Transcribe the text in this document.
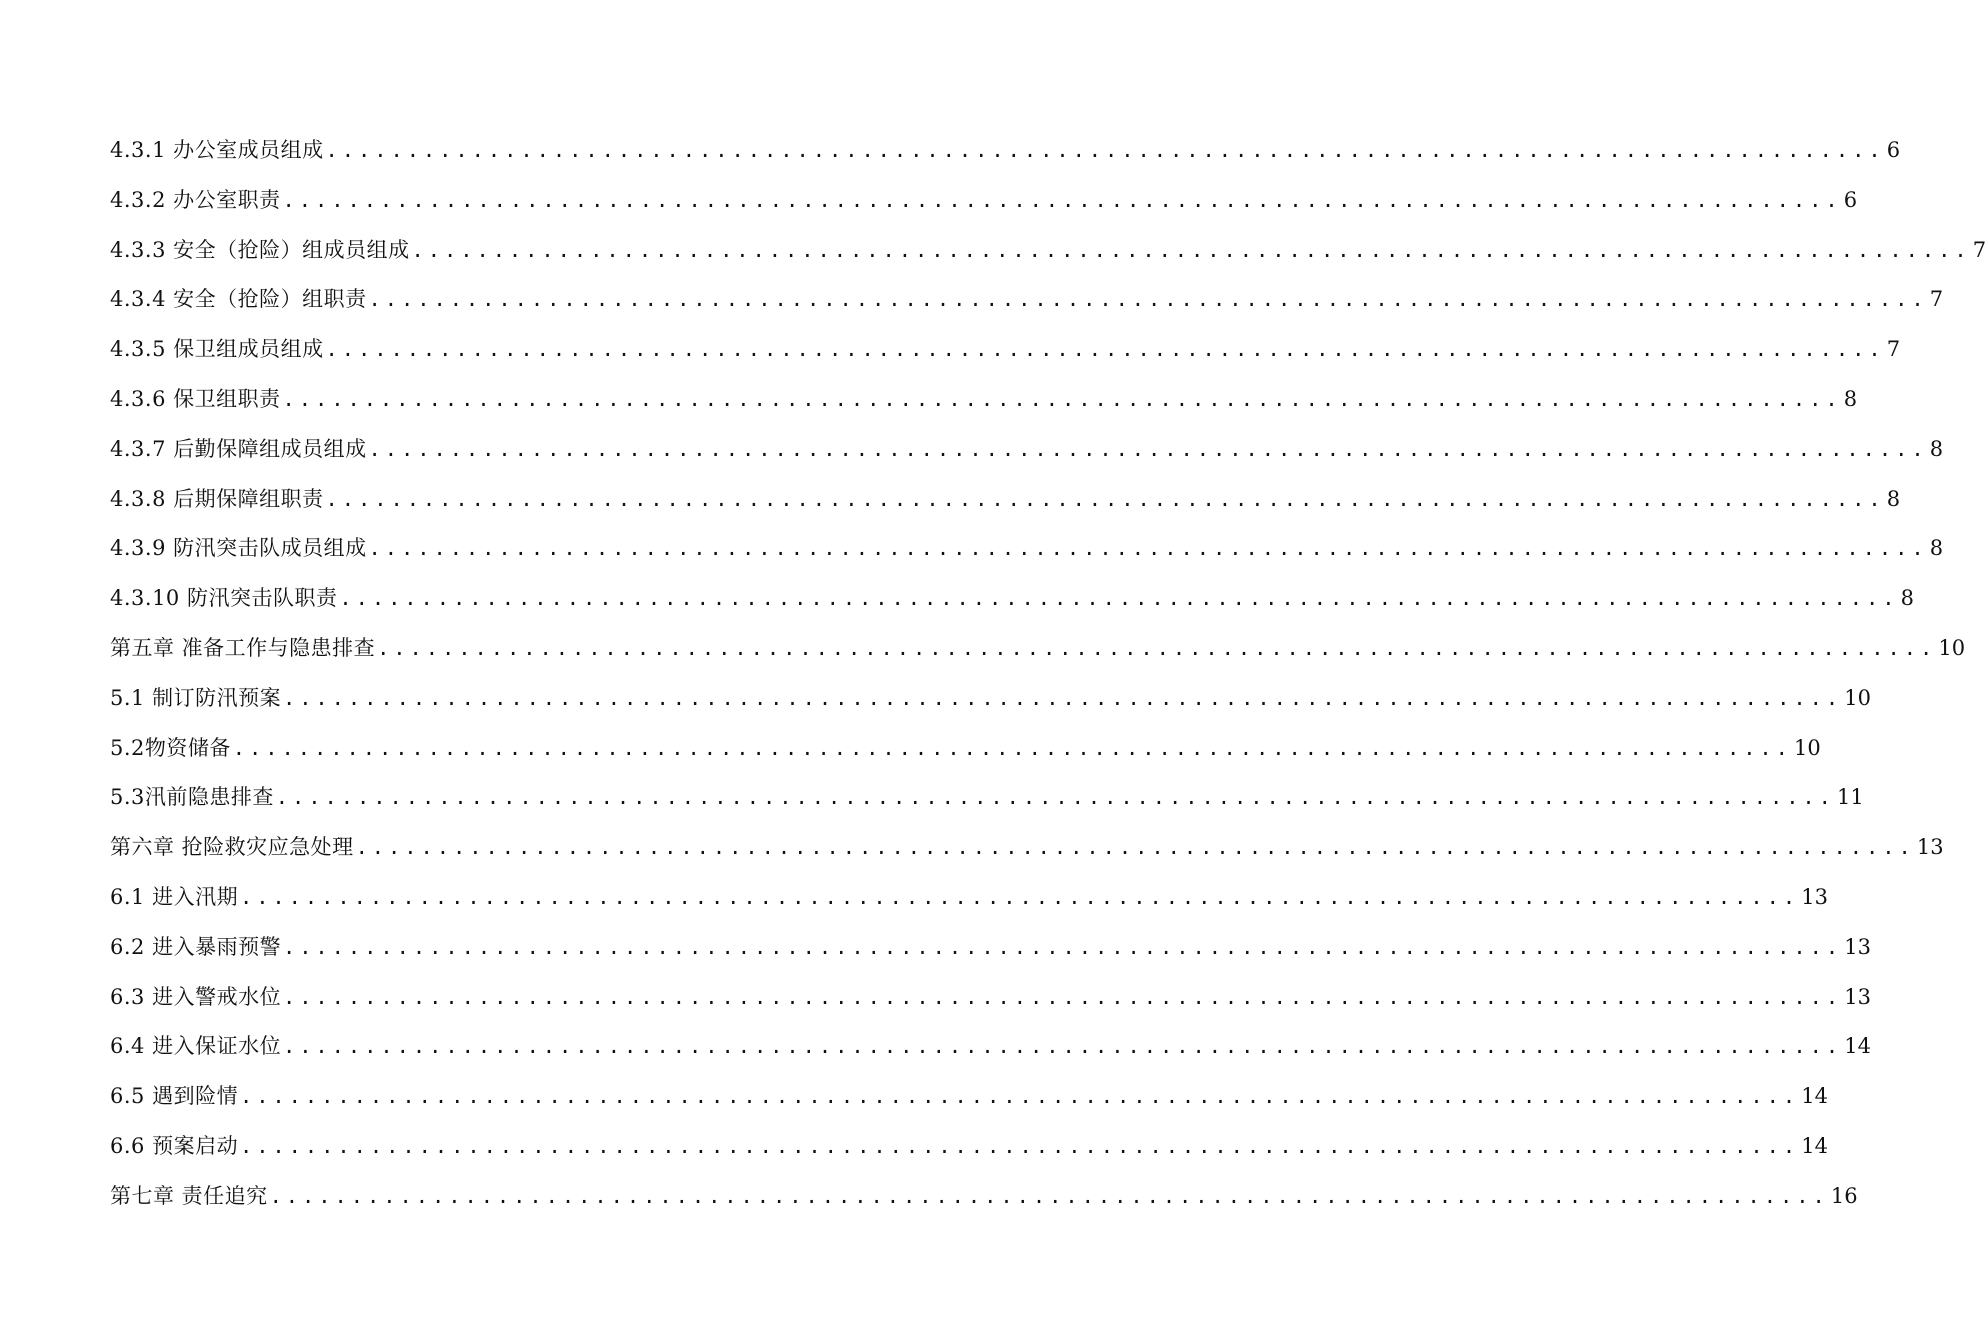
4.3.1 办公室成员组成 ................................................................................................ 6
4.3.2 办公室职责 ................................................................................................ 6
4.3.3 安全（抢险）组成员组成 ................................................................................................ 7
4.3.4 安全（抢险）组职责 ................................................................................................ 7
4.3.5 保卫组成员组成 ................................................................................................ 7
4.3.6 保卫组职责 ................................................................................................ 8
4.3.7 后勤保障组成员组成 ................................................................................................ 8
4.3.8 后期保障组职责 ................................................................................................ 8
4.3.9 防汛突击队成员组成 ................................................................................................ 8
4.3.10 防汛突击队职责 ................................................................................................ 8
第五章 准备工作与隐患排查 ................................................................................................ 10
5.1 制订防汛预案 ................................................................................................ 10
5.2物资储备 ................................................................................................ 10
5.3汛前隐患排查 ................................................................................................ 11
第六章 抢险救灾应急处理 ................................................................................................ 13
6.1 进入汛期 ................................................................................................ 13
6.2 进入暴雨预警 ................................................................................................ 13
6.3 进入警戒水位 ................................................................................................ 13
6.4 进入保证水位 ................................................................................................ 14
6.5 遇到险情 ................................................................................................ 14
6.6 预案启动 ................................................................................................ 14
第七章 责任追究 ................................................................................................ 16
